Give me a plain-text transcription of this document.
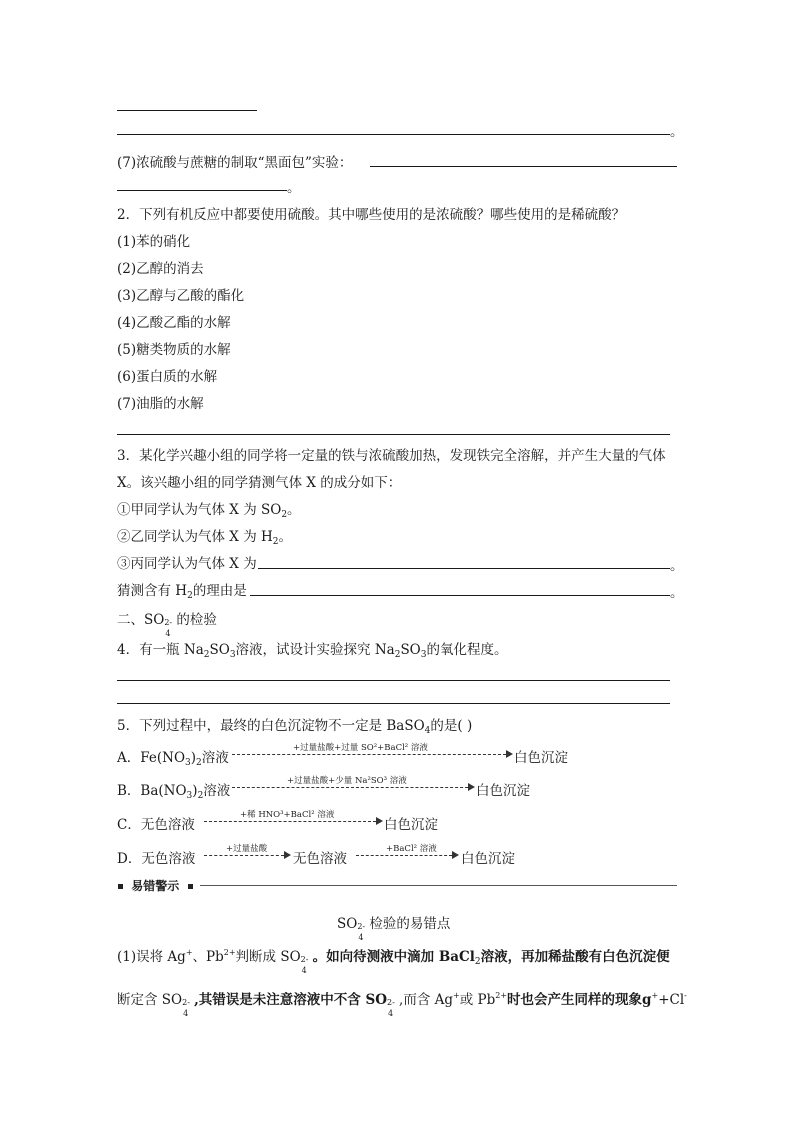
。
(7)浓硫酸与蔗糖的制取“黑面包”实验：
。
2．下列有机反应中都要使用硫酸。其中哪些使用的是浓硫酸？哪些使用的是稀硫酸？
(1)苯的硝化
(2)乙醇的消去
(3)乙醇与乙酸的酯化
(4)乙酸乙酯的水解
(5)糖类物质的水解
(6)蛋白质的水解
(7)油脂的水解
3．某化学兴趣小组的同学将一定量的铁与浓硫酸加热，发现铁完全溶解，并产生大量的气体
X。该兴趣小组的同学猜测气体 X 的成分如下：
①甲同学认为气体 X 为 $SO_2$。
②乙同学认为气体 X 为 $H_2$。
③丙同学认为气体 X 为	。
猜测含有 $H_2$的理由是	。
二、SO 2-
4
的检验
4．有一瓶 $Na_2SO_3$溶液，试设计实验探究 $Na_2SO_3$的氧化程度。
5．下列过程中，最终的白色沉淀物不一定是 BaSO$_4$的是( )
A．$Fe(NO_3)_2$溶液
+过量盐酸+过量 SO²+BaCl² 溶液
白色沉淀
B．$Ba(NO_3)_2$溶液
+过量盐酸+少量 Na²SO³ 溶液
白色沉淀
C．无色溶液
+稀 HNO³+BaCl² 溶液
白色沉淀
D．无色溶液
+过量盐酸
无色溶液
+BaCl² 溶液
白色沉淀
易错警示
SO 2-
4
检验的易错点
(1)误将 Ag+、$Pb^{2+}$判断成 SO 2-
4
。如向待测液中滴加 BaCl$_2$溶液，再加稀盐酸有白色沉淀便
断定含 SO 2-
4
,其错误是未注意溶液中不含 SO 2-
4
,而含 Ag+或 $Pb^{2+}$时也会产生同样的现象g++Cl-
